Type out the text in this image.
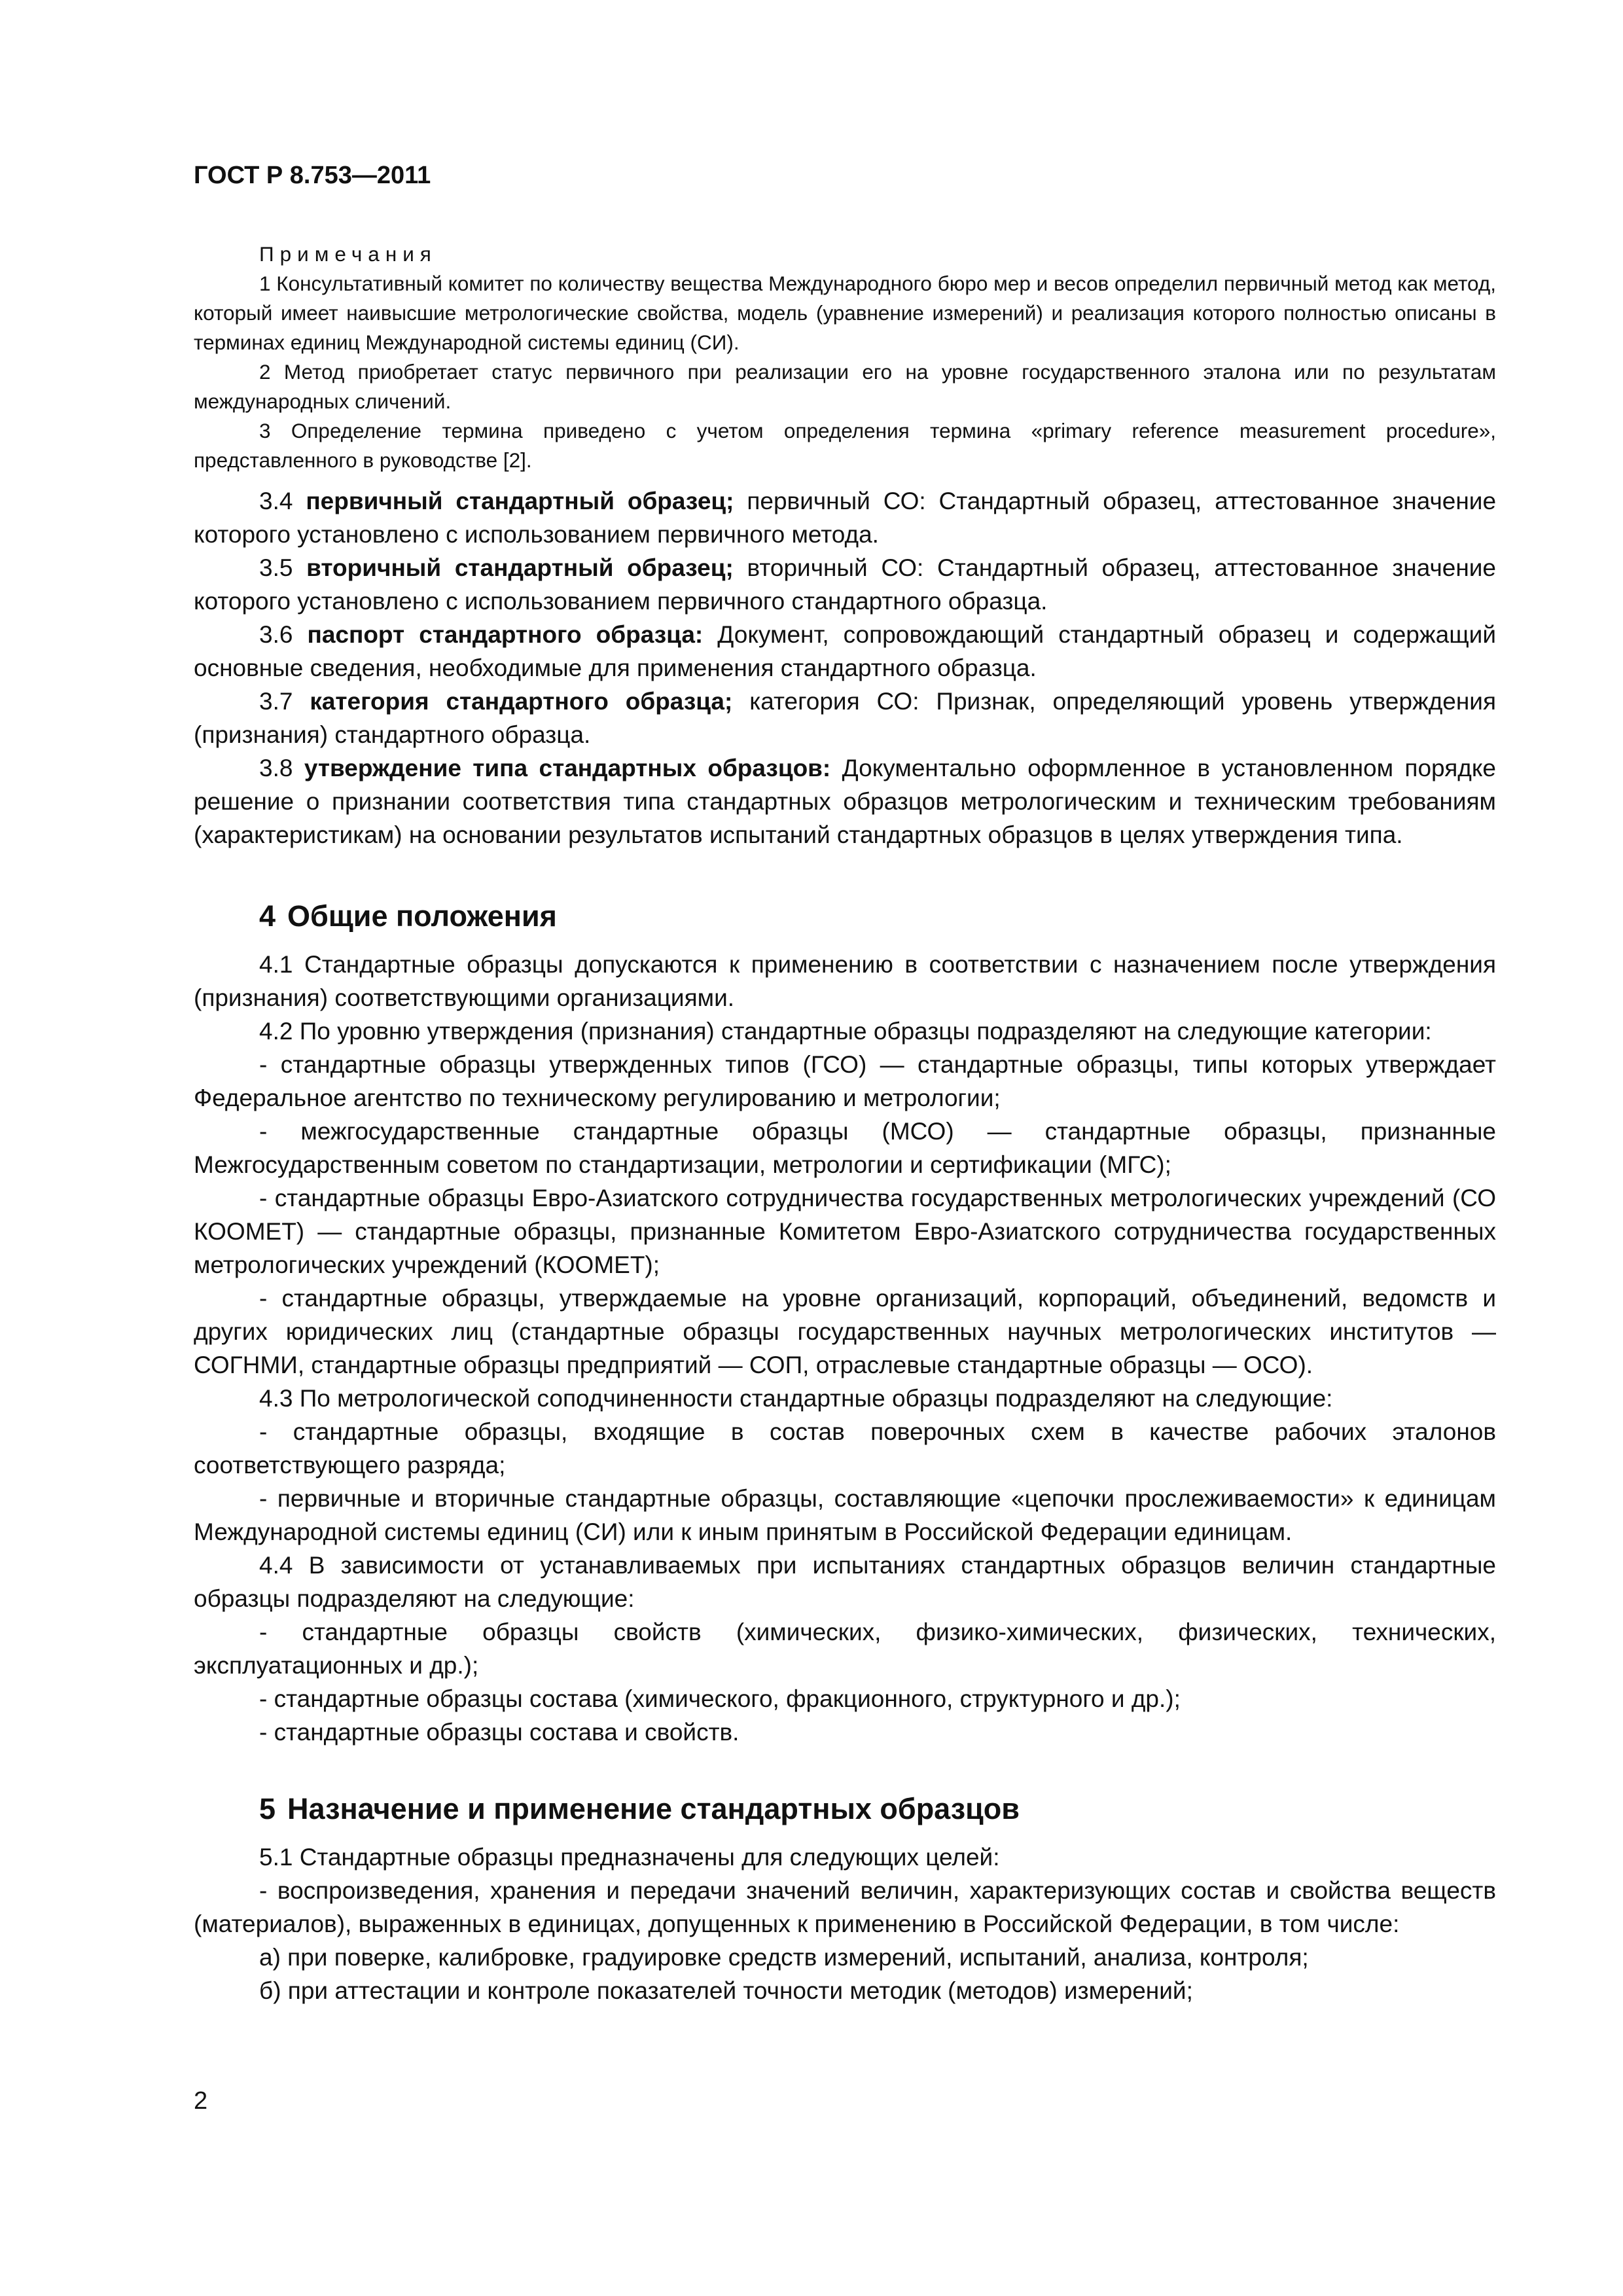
ГОСТ Р 8.753—2011

Примечания

1 Консультативный комитет по количеству вещества Международного бюро мер и весов определил первичный метод как метод, который имеет наивысшие метрологические свойства, модель (уравнение измерений) и реализация которого полностью описаны в терминах единиц Международной системы единиц (СИ).

2 Метод приобретает статус первичного при реализации его на уровне государственного эталона или по результатам международных сличений.

3 Определение термина приведено с учетом определения термина «primary reference measurement procedure», представленного в руководстве [2].

3.4 первичный стандартный образец; первичный СО: Стандартный образец, аттестованное значение которого установлено с использованием первичного метода.

3.5 вторичный стандартный образец; вторичный СО: Стандартный образец, аттестованное значение которого установлено с использованием первичного стандартного образца.

3.6 паспорт стандартного образца: Документ, сопровождающий стандартный образец и содержащий основные сведения, необходимые для применения стандартного образца.

3.7 категория стандартного образца; категория СО: Признак, определяющий уровень утверждения (признания) стандартного образца.

3.8 утверждение типа стандартных образцов: Документально оформленное в установленном порядке решение о признании соответствия типа стандартных образцов метрологическим и техническим требованиям (характеристикам) на основании результатов испытаний стандартных образцов в целях утверждения типа.

4 Общие положения

4.1 Стандартные образцы допускаются к применению в соответствии с назначением после утверждения (признания) соответствующими организациями.

4.2 По уровню утверждения (признания) стандартные образцы подразделяют на следующие категории:

- стандартные образцы утвержденных типов (ГСО) — стандартные образцы, типы которых утверждает Федеральное агентство по техническому регулированию и метрологии;

- межгосударственные стандартные образцы (МСО) — стандартные образцы, признанные Межгосударственным советом по стандартизации, метрологии и сертификации (МГС);

- стандартные образцы Евро-Азиатского сотрудничества государственных метрологических учреждений (СО КООМЕТ) — стандартные образцы, признанные Комитетом Евро-Азиатского сотрудничества государственных метрологических учреждений (КООМЕТ);

- стандартные образцы, утверждаемые на уровне организаций, корпораций, объединений, ведомств и других юридических лиц (стандартные образцы государственных научных метрологических институтов — СОГНМИ, стандартные образцы предприятий — СОП, отраслевые стандартные образцы — ОСО).

4.3 По метрологической соподчиненности стандартные образцы подразделяют на следующие:

- стандартные образцы, входящие в состав поверочных схем в качестве рабочих эталонов соответствующего разряда;

- первичные и вторичные стандартные образцы, составляющие «цепочки прослеживаемости» к единицам Международной системы единиц (СИ) или к иным принятым в Российской Федерации единицам.

4.4 В зависимости от устанавливаемых при испытаниях стандартных образцов величин стандартные образцы подразделяют на следующие:

- стандартные образцы свойств (химических, физико-химических, физических, технических, эксплуатационных и др.);

- стандартные образцы состава (химического, фракционного, структурного и др.);

- стандартные образцы состава и свойств.

5 Назначение и применение стандартных образцов

5.1 Стандартные образцы предназначены для следующих целей:

- воспроизведения, хранения и передачи значений величин, характеризующих состав и свойства веществ (материалов), выраженных в единицах, допущенных к применению в Российской Федерации, в том числе:

а) при поверке, калибровке, градуировке средств измерений, испытаний, анализа, контроля;

б) при аттестации и контроле показателей точности методик (методов) измерений;

2
